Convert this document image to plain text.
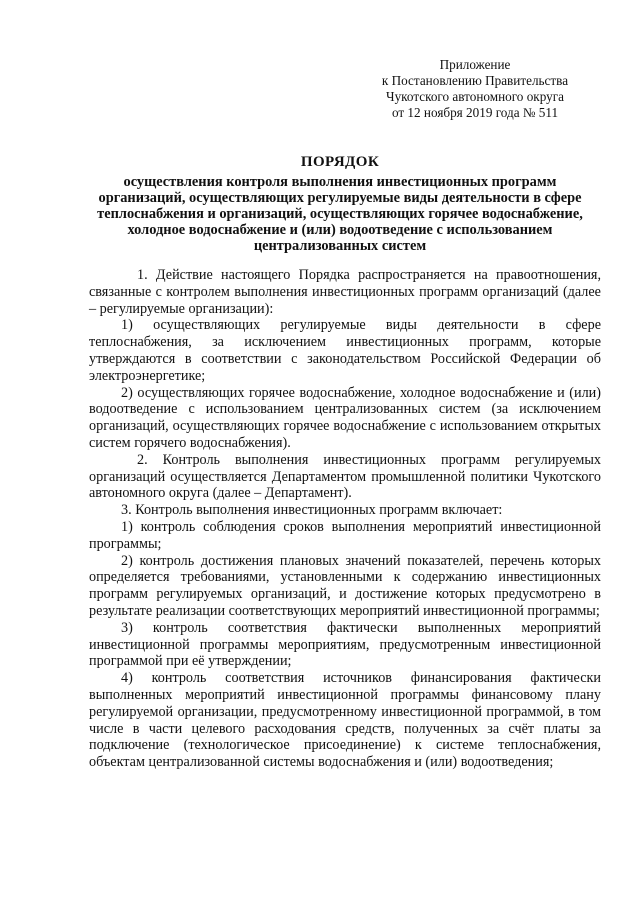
Приложение
к Постановлению Правительства
Чукотского автономного округа
от 12 ноября 2019 года № 511
ПОРЯДОК
осуществления контроля выполнения инвестиционных программ
организаций, осуществляющих регулируемые виды деятельности в сфере
теплоснабжения и организаций, осуществляющих горячее водоснабжение,
холодное водоснабжение и (или) водоотведение с использованием
централизованных систем

1. Действие настоящего Порядка распространяется на правоотношения, связанные с контролем выполнения инвестиционных программ организаций (далее – регулируемые организации):

1) осуществляющих регулируемые виды деятельности в сфере теплоснабжения, за исключением инвестиционных программ, которые утверждаются в соответствии с законодательством Российской Федерации об электроэнергетике;

2) осуществляющих горячее водоснабжение, холодное водоснабжение и (или) водоотведение с использованием централизованных систем (за исключением организаций, осуществляющих горячее водоснабжение с использованием открытых систем горячего водоснабжения).

2. Контроль выполнения инвестиционных программ регулируемых организаций осуществляется Департаментом промышленной политики Чукотского автономного округа (далее – Департамент).

3. Контроль выполнения инвестиционных программ включает:

1) контроль соблюдения сроков выполнения мероприятий инвестиционной программы;

2) контроль достижения плановых значений показателей, перечень которых определяется требованиями, установленными к содержанию инвестиционных программ регулируемых организаций, и достижение которых предусмотрено в результате реализации соответствующих мероприятий инвестиционной программы;

3) контроль соответствия фактически выполненных мероприятий инвестиционной программы мероприятиям, предусмотренным инвестиционной программой при её утверждении;

4) контроль соответствия источников финансирования фактически выполненных мероприятий инвестиционной программы финансовому плану регулируемой организации, предусмотренному инвестиционной программой, в том числе в части целевого расходования средств, полученных за счёт платы за подключение (технологическое присоединение) к системе теплоснабжения, объектам централизованной системы водоснабжения и (или) водоотведения;
